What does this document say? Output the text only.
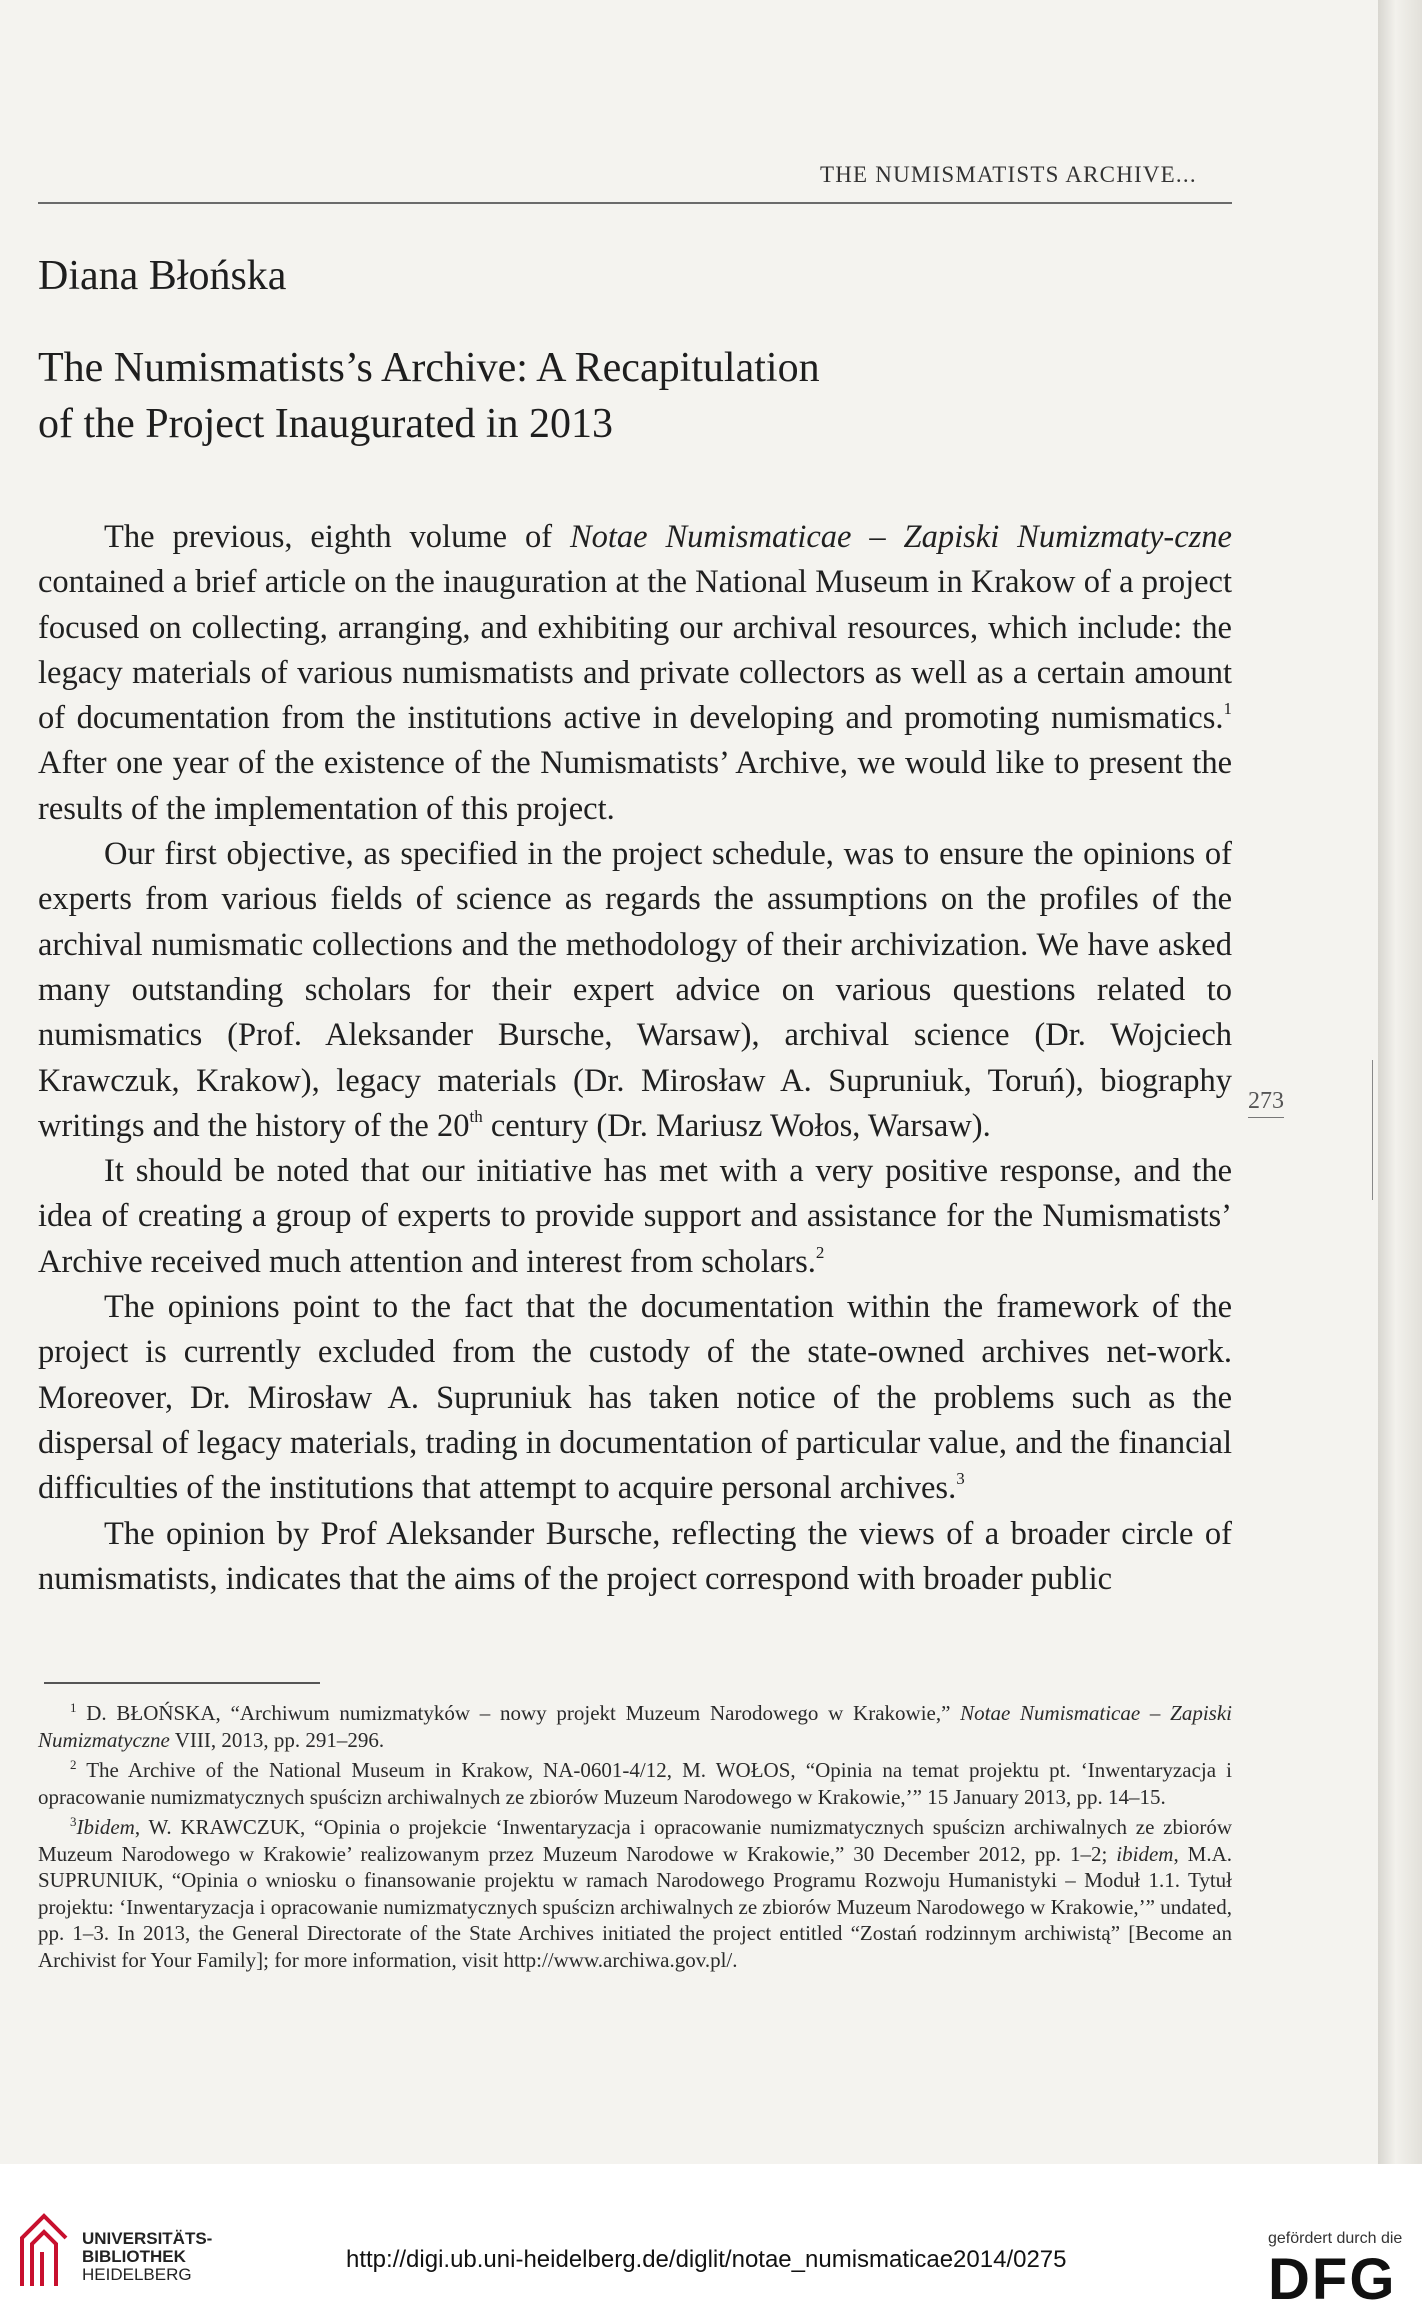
THE NUMISMATISTS ARCHIVE...
Diana Błońska
The Numismatists’s Archive: A Recapitulation
of the Project Inaugurated in 2013

The previous, eighth volume of Notae Numismaticae – Zapiski Numizmaty-czne contained a brief article on the inauguration at the National Museum in Krakow of a project focused on collecting, arranging, and exhibiting our archival resources, which include: the legacy materials of various numismatists and private collectors as well as a certain amount of documentation from the institutions active in developing and promoting numismatics.$^1$ After one year of the existence of the Numismatists’ Archive, we would like to present the results of the implementation of this project.

Our first objective, as specified in the project schedule, was to ensure the opinions of experts from various fields of science as regards the assumptions on the profiles of the archival numismatic collections and the methodology of their archivization. We have asked many outstanding scholars for their expert advice on various questions related to numismatics (Prof. Aleksander Bursche, Warsaw), archival science (Dr. Wojciech Krawczuk, Krakow), legacy materials (Dr. Mirosław A. Supruniuk, Toruń), biography writings and the history of the 20th century (Dr. Mariusz Wołos, Warsaw).

It should be noted that our initiative has met with a very positive response, and the idea of creating a group of experts to provide support and assistance for the Numismatists’ Archive received much attention and interest from scholars.$^2$

The opinions point to the fact that the documentation within the framework of the project is currently excluded from the custody of the state-owned archives net-work. Moreover, Dr. Mirosław A. Supruniuk has taken notice of the problems such as the dispersal of legacy materials, trading in documentation of particular value, and the financial difficulties of the institutions that attempt to acquire personal archives.$^3$

The opinion by Prof Aleksander Bursche, reflecting the views of a broader circle of numismatists, indicates that the aims of the project correspond with broader public

273

$^1$ D. BŁOŃSKA, “Archiwum numizmatyków – nowy projekt Muzeum Narodowego w Krakowie,” Notae Numismaticae – Zapiski Numizmatyczne VIII, 2013, pp. 291–296.

$^2$ The Archive of the National Museum in Krakow, NA-0601-4/12, M. WOŁOS, “Opinia na temat projektu pt. ‘Inwentaryzacja i opracowanie numizmatycznych spuścizn archiwalnych ze zbiorów Muzeum Narodowego w Krakowie,’” 15 January 2013, pp. 14–15.

$^3$Ibidem, W. KRAWCZUK, “Opinia o projekcie ‘Inwentaryzacja i opracowanie numizmatycznych spuścizn archiwalnych ze zbiorów Muzeum Narodowego w Krakowie’ realizowanym przez Muzeum Narodowe w Krakowie,” 30 December 2012, pp. 1–2; ibidem, M.A. SUPRUNIUK, “Opinia o wniosku o finansowanie projektu w ramach Narodowego Programu Rozwoju Humanistyki – Moduł 1.1. Tytuł projektu: ‘Inwentaryzacja i opracowanie numizmatycznych spuścizn archiwalnych ze zbiorów Muzeum Narodowego w Krakowie,’” undated, pp. 1–3. In 2013, the General Directorate of the State Archives initiated the project entitled “Zostań rodzinnym archiwistą” [Become an Archivist for Your Family]; for more information, visit http://www.archiwa.gov.pl/.

UNIVERSITÄTS-
BIBLIOTHEK
HEIDELBERG
http://digi.ub.uni-heidelberg.de/diglit/notae_numismaticae2014/0275
gefördert durch die
DFG
